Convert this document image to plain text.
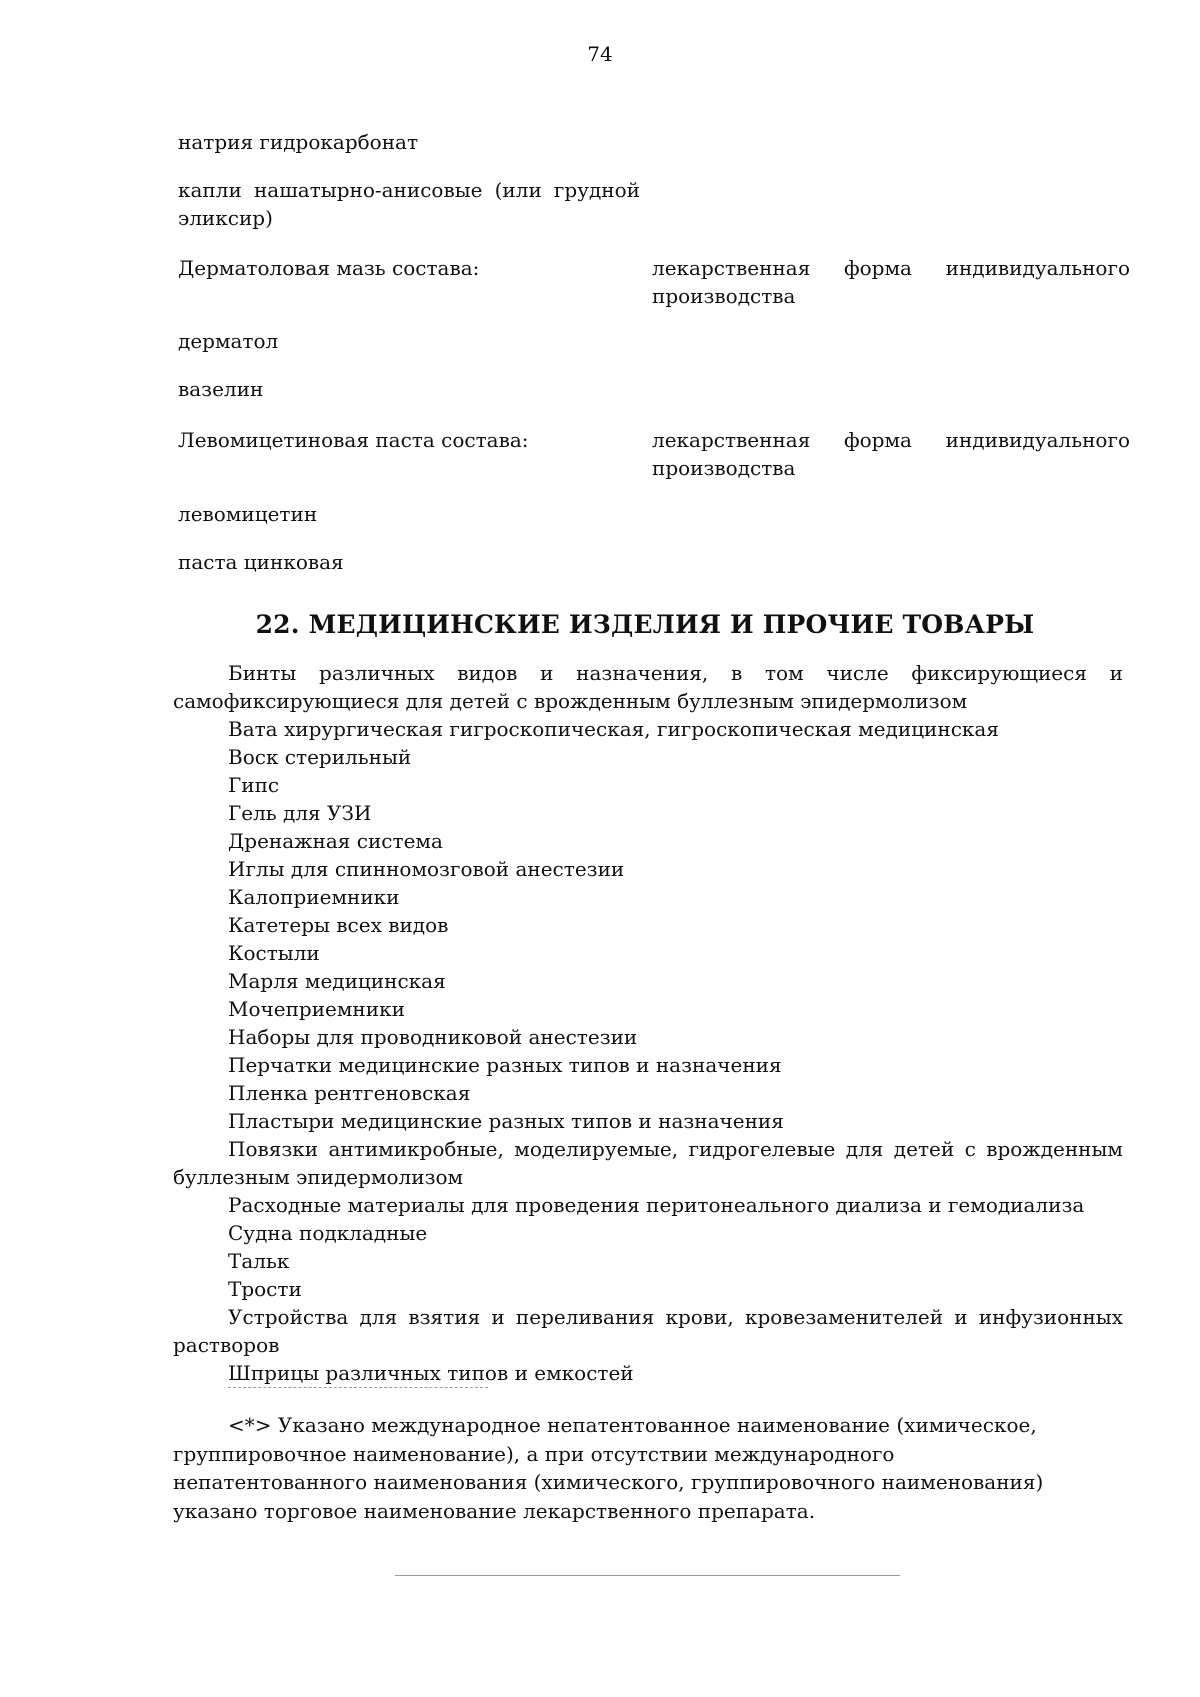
74
натрия гидрокарбонат
капли нашатырно-анисовые (или грудной эликсир)
Дерматоловая мазь состава:	лекарственная форма индивидуального
производства
дерматол
вазелин
Левомицетиновая паста состава:	лекарственная форма индивидуального
производства
левомицетин
паста цинковая
22. МЕДИЦИНСКИЕ ИЗДЕЛИЯ И ПРОЧИЕ ТОВАРЫ
Бинты различных видов и назначения, в том числе фиксирующиеся и самофиксирующиеся для детей с врожденным буллезным эпидермолизом
Вата хирургическая гигроскопическая, гигроскопическая медицинская
Воск стерильный
Гипс
Гель для УЗИ
Дренажная система
Иглы для спинномозговой анестезии
Калоприемники
Катетеры всех видов
Костыли
Марля медицинская
Мочеприемники
Наборы для проводниковой анестезии
Перчатки медицинские разных типов и назначения
Пленка рентгеновская
Пластыри медицинские разных типов и назначения
Повязки антимикробные, моделируемые, гидрогелевые для детей с врожденным буллезным эпидермолизом
Расходные материалы для проведения перитонеального диализа и гемодиализа
Судна подкладные
Тальк
Трости
Устройства для взятия и переливания крови, кровезаменителей и инфузионных растворов
Шприцы различных типов и емкостей
<*> Указано международное непатентованное наименование (химическое, группировочное наименование), а при отсутствии международного непатентованного наименования (химического, группировочного наименования) указано торговое наименование лекарственного препарата.
